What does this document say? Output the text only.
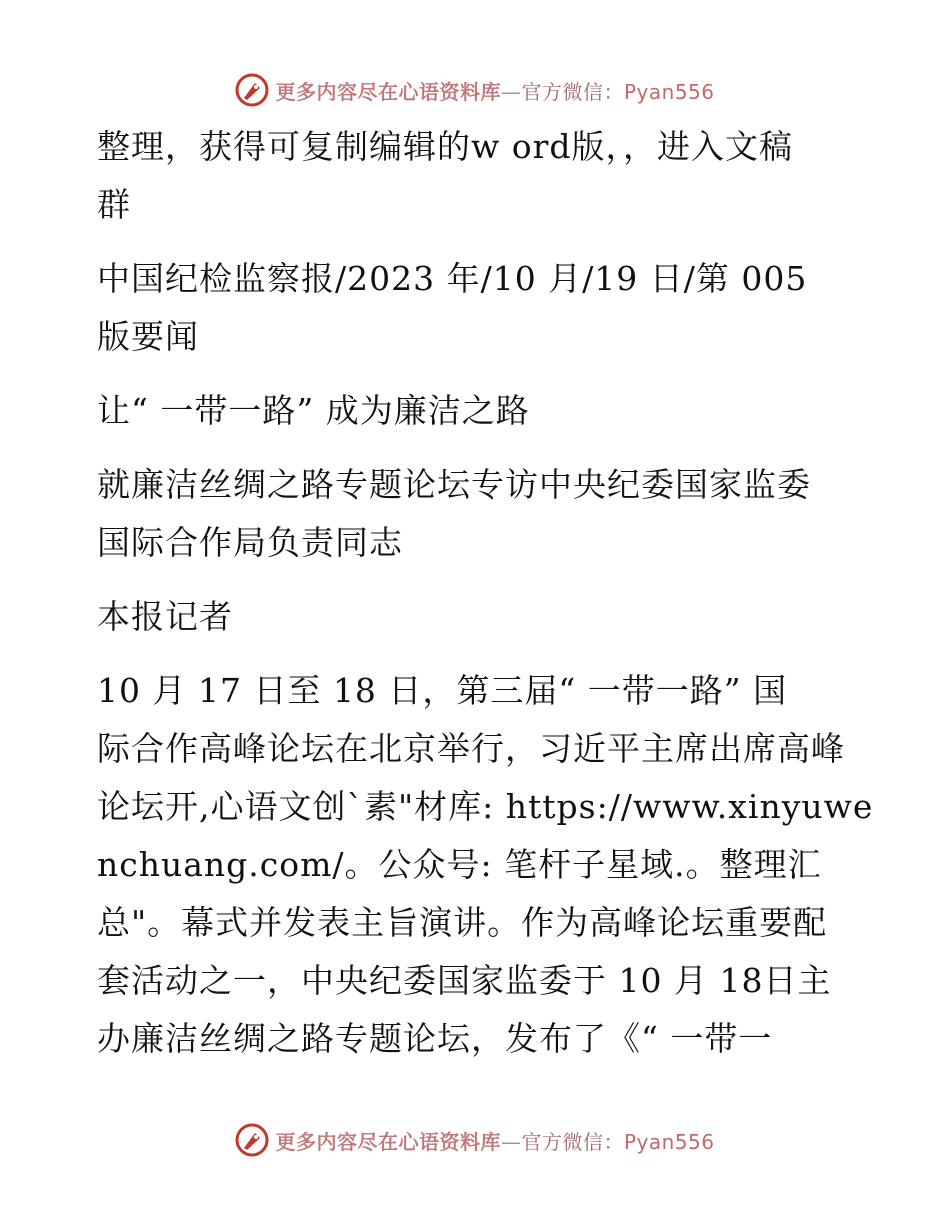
更多内容尽在心语资料库—官方微信：Pyan556

整理，获得可复制编辑的w ord版，，进入文稿
群

中国纪检监察报/2023 年/10 月/19 日/第 005
版要闻

让“ 一带一路” 成为廉洁之路

就廉洁丝绸之路专题论坛专访中央纪委国家监委
国际合作局负责同志

本报记者

10 月 17 日至 18 日，第三届“ 一带一路” 国
际合作高峰论坛在北京举行，习近平主席出席高峰
论坛开,心语文创`素"材库: https://www.xinyuwe
nchuang.com/。公众号: 笔杆子星域.。整理汇
总"。幕式并发表主旨演讲。作为高峰论坛重要配
套活动之一，中央纪委国家监委于 10 月 18日主
办廉洁丝绸之路专题论坛，发布了《“ 一带一

更多内容尽在心语资料库—官方微信：Pyan556
